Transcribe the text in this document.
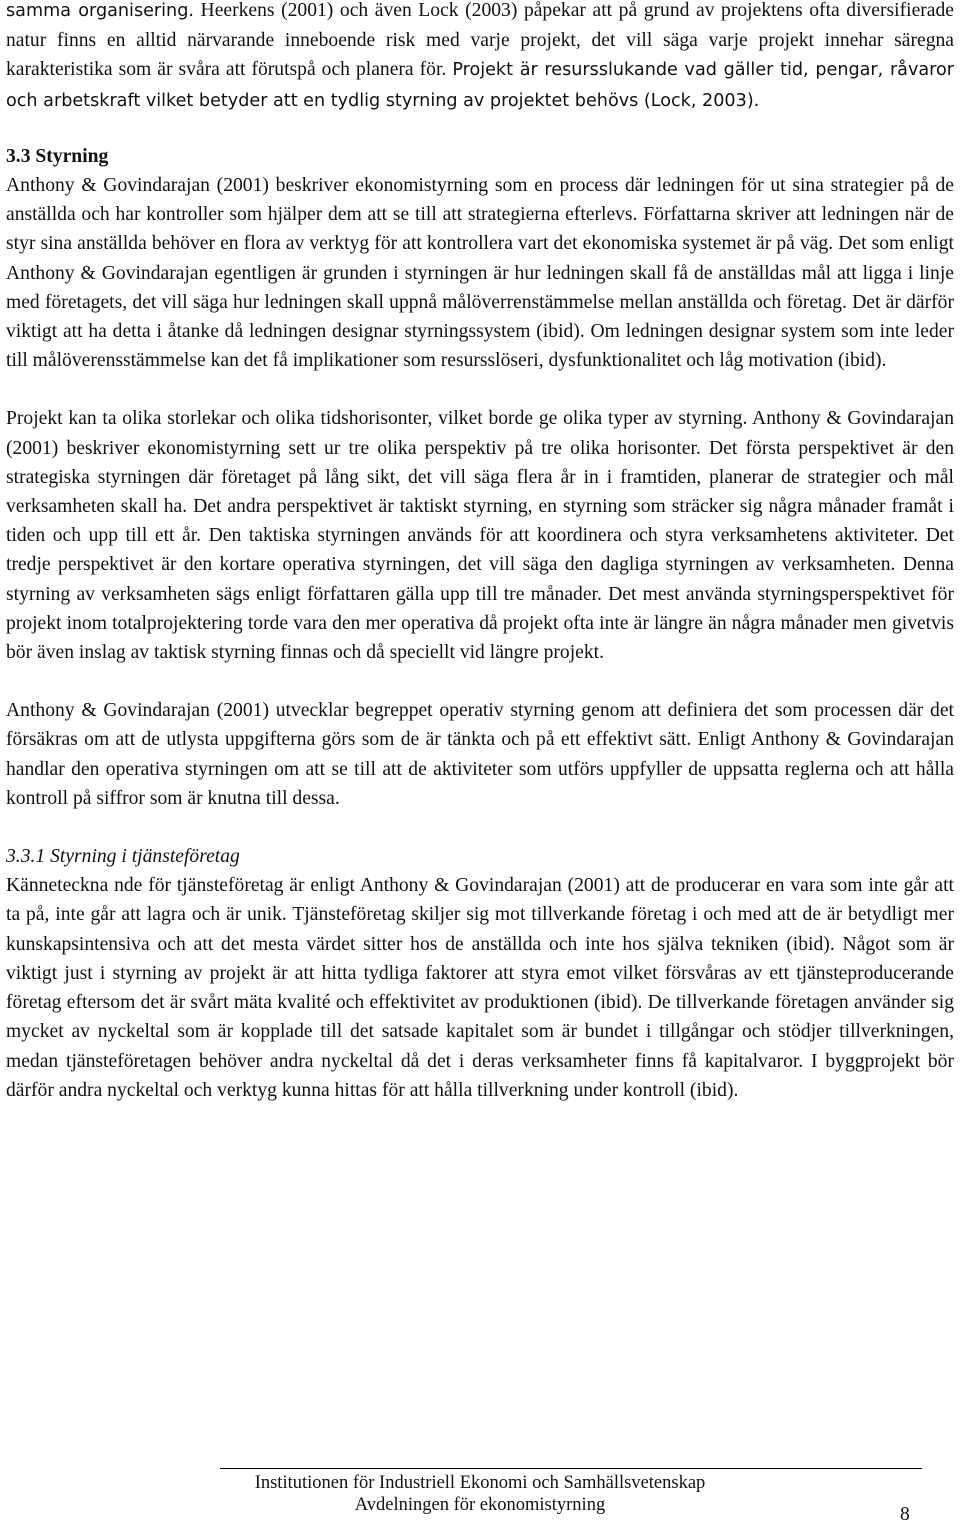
samma organisering. Heerkens (2001) och även Lock (2003) påpekar att på grund av projektens ofta diversifierade natur finns en alltid närvarande inneboende risk med varje projekt, det vill säga varje projekt innehar säregna karakteristika som är svåra att förutspå och planera för. Projekt är resursslukande vad gäller tid, pengar, råvaror och arbetskraft vilket betyder att en tydlig styrning av projektet behövs (Lock, 2003).

3.3 Styrning

Anthony & Govindarajan (2001) beskriver ekonomistyrning som en process där ledningen för ut sina strategier på de anställda och har kontroller som hjälper dem att se till att strategierna efterlevs. Författarna skriver att ledningen när de styr sina anställda behöver en flora av verktyg för att kontrollera vart det ekonomiska systemet är på väg. Det som enligt Anthony & Govindarajan egentligen är grunden i styrningen är hur ledningen skall få de anställdas mål att ligga i linje med företagets, det vill säga hur ledningen skall uppnå målöverrenstämmelse mellan anställda och företag. Det är därför viktigt att ha detta i åtanke då ledningen designar styrningssystem (ibid). Om ledningen designar system som inte leder till målöverensstämmelse kan det få implikationer som resursslöseri, dysfunktionalitet och låg motivation (ibid).

Projekt kan ta olika storlekar och olika tidshorisonter, vilket borde ge olika typer av styrning. Anthony & Govindarajan (2001) beskriver ekonomistyrning sett ur tre olika perspektiv på tre olika horisonter. Det första perspektivet är den strategiska styrningen där företaget på lång sikt, det vill säga flera år in i framtiden, planerar de strategier och mål verksamheten skall ha. Det andra perspektivet är taktiskt styrning, en styrning som sträcker sig några månader framåt i tiden och upp till ett år. Den taktiska styrningen används för att koordinera och styra verksamhetens aktiviteter. Det tredje perspektivet är den kortare operativa styrningen, det vill säga den dagliga styrningen av verksamheten. Denna styrning av verksamheten sägs enligt författaren gälla upp till tre månader. Det mest använda styrningsperspektivet för projekt inom totalprojektering torde vara den mer operativa då projekt ofta inte är längre än några månader men givetvis bör även inslag av taktisk styrning finnas och då speciellt vid längre projekt.

Anthony & Govindarajan (2001) utvecklar begreppet operativ styrning genom att definiera det som processen där det försäkras om att de utlysta uppgifterna görs som de är tänkta och på ett effektivt sätt. Enligt Anthony & Govindarajan handlar den operativa styrningen om att se till att de aktiviteter som utförs uppfyller de uppsatta reglerna och att hålla kontroll på siffror som är knutna till dessa.

3.3.1 Styrning i tjänsteföretag

Känneteckna nde för tjänsteföretag är enligt Anthony & Govindarajan (2001) att de producerar en vara som inte går att ta på, inte går att lagra och är unik. Tjänsteföretag skiljer sig mot tillverkande företag i och med att de är betydligt mer kunskapsintensiva och att det mesta värdet sitter hos de anställda och inte hos själva tekniken (ibid). Något som är viktigt just i styrning av projekt är att hitta tydliga faktorer att styra emot vilket försvåras av ett tjänsteproducerande företag eftersom det är svårt mäta kvalité och effektivitet av produktionen (ibid). De tillverkande företagen använder sig mycket av nyckeltal som är kopplade till det satsade kapitalet som är bundet i tillgångar och stödjer tillverkningen, medan tjänsteföretagen behöver andra nyckeltal då det i deras verksamheter finns få kapitalvaror. I byggprojekt bör därför andra nyckeltal och verktyg kunna hittas för att hålla tillverkning under kontroll (ibid).

Institutionen för Industriell Ekonomi och Samhällsvetenskap
Avdelningen för ekonomistyrning	8
